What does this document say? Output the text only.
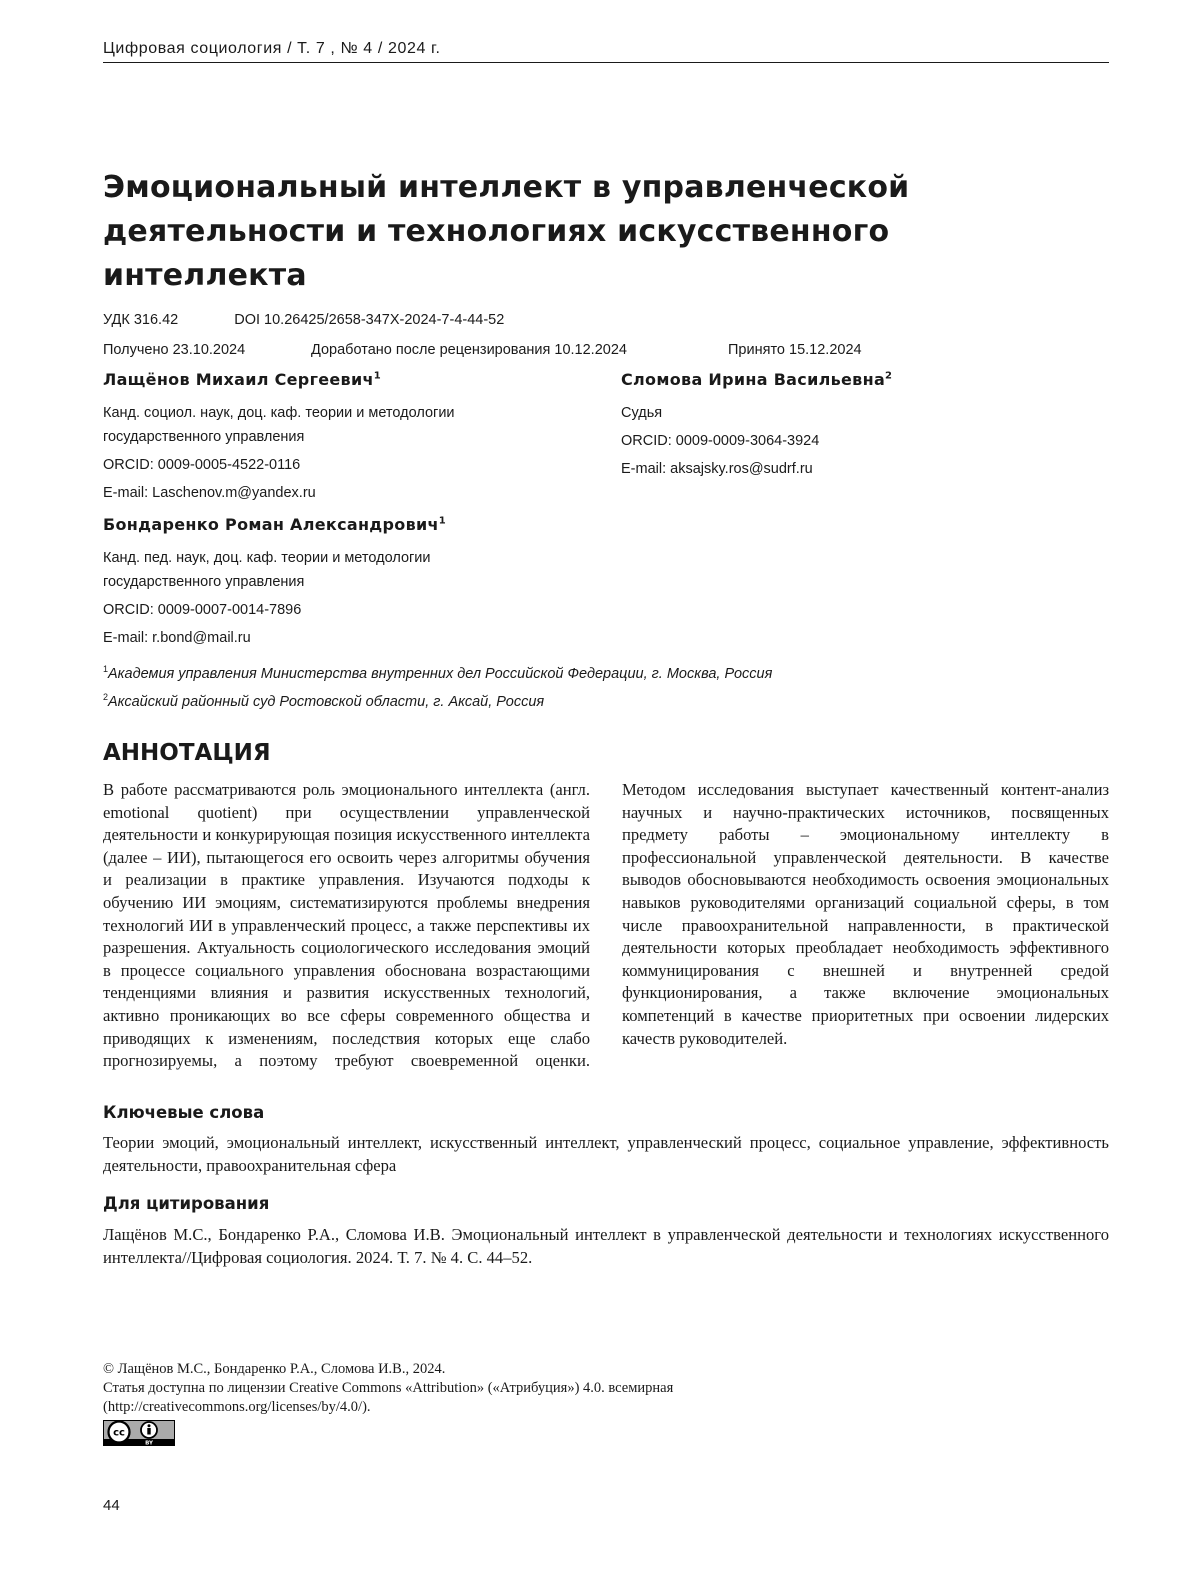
Цифровая социология / Т. 7 , № 4 / 2024 г.
Эмоциональный интеллект в управленческой деятельности и технологиях искусственного интеллекта
УДК 316.42	DOI 10.26425/2658-347X-2024-7-4-44-52
Получено 23.10.2024	Доработано после рецензирования 10.12.2024	Принято 15.12.2024

Лащёнов Михаил Сергеевич$^1$

Канд. социол. наук, доц. каф. теории и методологии
государственного управления

ORCID: 0009-0005-4522-0116

E-mail: Laschenov.m@yandex.ru

Бондаренко Роман Александрович$^1$

Канд. пед. наук, доц. каф. теории и методологии
государственного управления

ORCID: 0009-0007-0014-7896

E-mail: r.bond@mail.ru

Сломова Ирина Васильевна$^2$

Судья

ORCID: 0009-0009-3064-3924

E-mail: aksajsky.ros@sudrf.ru

$^1$Академия управления Министерства внутренних дел Российской Федерации, г. Москва, Россия
$^2$Аксайский районный суд Ростовской области, г. Аксай, Россия
АННОТАЦИЯ
В работе рассматриваются роль эмоционального интеллекта (англ. emotional quotient) при осуществлении управленческой деятельности и конкурирующая позиция искусственного интеллекта (далее – ИИ), пытающегося его освоить через алгоритмы обучения и реализации в практике управления. Изучаются подходы к обучению ИИ эмоциям, систематизируются проблемы внедрения технологий ИИ в управленческий процесс, а также перспективы их разрешения. Актуальность социологического исследования эмоций в процессе социального управления обоснована возрастающими тенденциями влияния и развития искусственных технологий, активно проникающих во все сферы современного общества и приводящих к изменениям, последствия которых еще слабо прогнозируемы, а поэтому требуют своевременной оценки. Методом исследования выступает качественный контент-анализ научных и научно-практических источников, посвященных предмету работы – эмоциональному интеллекту в профессиональной управленческой деятельности. В качестве выводов обосновываются необходимость освоения эмоциональных навыков руководителями организаций социальной сферы, в том числе правоохранительной направленности, в практической деятельности которых преобладает необходимость эффективного коммуницирования с внешней и внутренней средой функционирования, а также включение эмоциональных компетенций в качестве приоритетных при освоении лидерских качеств руководителей.
Ключевые слова

Теории эмоций, эмоциональный интеллект, искусственный интеллект, управленческий процесс, социальное управление, эффективность деятельности, правоохранительная сфера

Для цитирования

Лащёнов М.С., Бондаренко Р.А., Сломова И.В. Эмоциональный интеллект в управленческой деятельности и технологиях искусственного интеллекта//Цифровая социология. 2024. Т. 7. № 4. С. 44–52.

© Лащёнов М.С., Бондаренко Р.А., Сломова И.В., 2024.

Статья доступна по лицензии Creative Commons «Attribution» («Атрибуция») 4.0. всемирная

(http://creativecommons.org/licenses/by/4.0/).

cc
BY
44
